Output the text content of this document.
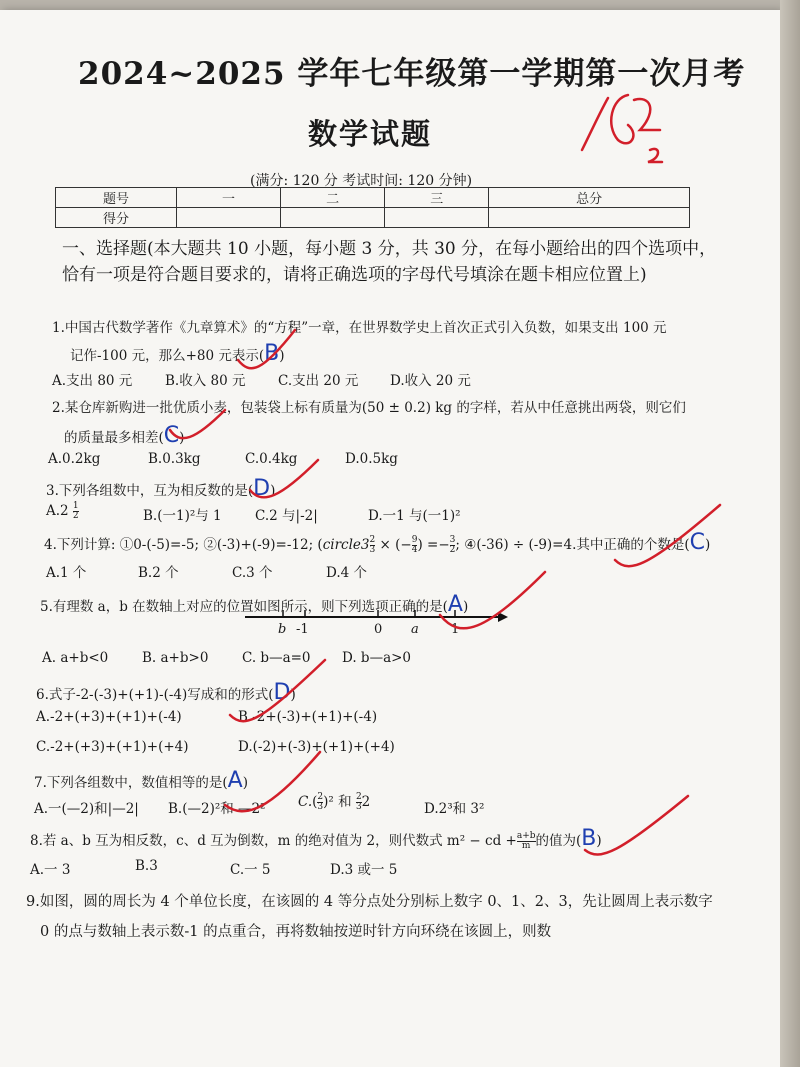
2024~2025 学年七年级第一学期第一次月考
数学试题
(满分: 120 分 考试时间: 120 分钟)
题号	一	二	三	总分
得分				
一、选择题(本大题共 10 小题，每小题 3 分，共 30 分，在每小题给出的四个选项中，恰有一项是符合题目要求的，请将正确选项的字母代号填涂在题卡相应位置上)
1.中国古代数学著作《九章算术》的“方程”一章，在世界数学史上首次正式引入负数，如果支出 100 元
记作-100 元，那么+80 元表示(B)
A.支出 80 元 B.收入 80 元 C.支出 20 元 D.收入 20 元
2.某仓库新购进一批优质小麦，包装袋上标有质量为(50 ± 0.2) kg 的字样，若从中任意挑出两袋，则它们
的质量最多相差(C)
A.0.2kg	B.0.3kg	C.0.4kg	D.0.5kg
3.下列各组数中，互为相反数的是(D)
$A.2 \frac{1}{2}$	B.(一1)²与 1 C.2 与|-2|	D.一1 与(一1)²
4.下列计算: ①0-(-5)=-5; ②(-3)+(-9)=-12; (circle3 $\frac{2}{3}$ × (− $\frac{9}{4}$ ) =− $\frac{3}{2}$ ; ④(-36) ÷ (-9)=4.其中正确的个数是(C)
A.1 个	B.2 个	C.3 个	D.4 个
5.有理数 a，b 在数轴上对应的位置如图所示，则下列选项正确的是(A)
b -1	0 a 1
A. a+b<0	B. a+b>0 C. b—a=0 D. b—a>0
6.式子-2-(-3)+(+1)-(-4)写成和的形式(D)
A.-2+(+3)+(+1)+(-4)	B.-2+(-3)+(+1)+(-4)
C.-2+(+3)+(+1)+(+4)	D.(-2)+(-3)+(+1)+(+4)
7.下列各组数中，数值相等的是(A)
A.一(—2)和|—2| B.(—2)²和 —2² $C.( \frac{2}{3} )^2$ 和 $\frac{2}{3} 2$	D.2³和 3²
8.若 a、b 互为相反数，c、d 互为倒数，m 的绝对值为 2，则代数式 m² − cd + $\frac{a+b}{m}$ 的值为(B)
A.一 3	B.3	C.一 5	D.3 或一 5
9.如图，圆的周长为 4 个单位长度，在该圆的 4 等分点处分别标上数字 0、1、2、3，先让圆周上表示数字
0 的点与数轴上表示数-1 的点重合，再将数轴按逆时针方向环绕在该圆上，则数
